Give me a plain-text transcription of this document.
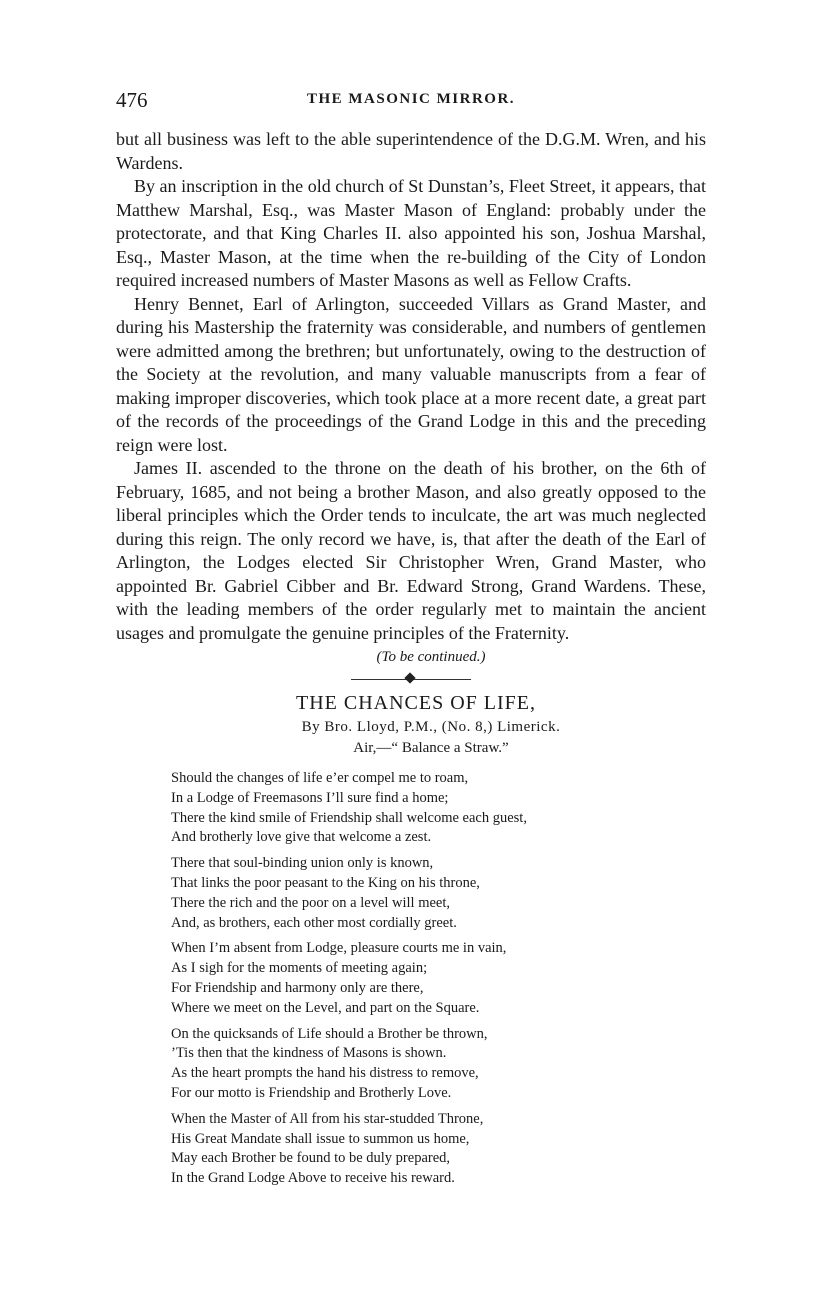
476	THE MASONIC MIRROR.

but all business was left to the able superintendence of the D.G.M. Wren, and his Wardens.

By an inscription in the old church of St Dunstan’s, Fleet Street, it appears, that Matthew Marshal, Esq., was Master Mason of England: probably under the protectorate, and that King Charles II. also appointed his son, Joshua Marshal, Esq., Master Mason, at the time when the re-building of the City of London required increased numbers of Master Masons as well as Fellow Crafts.

Henry Bennet, Earl of Arlington, succeeded Villars as Grand Master, and during his Mastership the fraternity was considerable, and numbers of gentlemen were admitted among the brethren; but unfortunately, owing to the destruction of the Society at the revolution, and many valuable manuscripts from a fear of making improper discoveries, which took place at a more recent date, a great part of the records of the proceedings of the Grand Lodge in this and the preceding reign were lost.

James II. ascended to the throne on the death of his brother, on the 6th of February, 1685, and not being a brother Mason, and also greatly opposed to the liberal principles which the Order tends to inculcate, the art was much neglected during this reign. The only record we have, is, that after the death of the Earl of Arlington, the Lodges elected Sir Christopher Wren, Grand Master, who appointed Br. Gabriel Cibber and Br. Edward Strong, Grand Wardens. These, with the leading members of the order regularly met to maintain the ancient usages and promulgate the genuine principles of the Fraternity.

(To be continued.)
THE CHANCES OF LIFE,
By Bro. Lloyd, P.M., (No. 8,) Limerick.
Air,—“ Balance a Straw.”
Should the changes of life e’er compel me to roam,
In a Lodge of Freemasons I’ll sure find a home;
There the kind smile of Friendship shall welcome each guest,
And brotherly love give that welcome a zest.
There that soul-binding union only is known,
That links the poor peasant to the King on his throne,
There the rich and the poor on a level will meet,
And, as brothers, each other most cordially greet.
When I’m absent from Lodge, pleasure courts me in vain,
As I sigh for the moments of meeting again;
For Friendship and harmony only are there,
Where we meet on the Level, and part on the Square.
On the quicksands of Life should a Brother be thrown,
’Tis then that the kindness of Masons is shown.
As the heart prompts the hand his distress to remove,
For our motto is Friendship and Brotherly Love.
When the Master of All from his star-studded Throne,
His Great Mandate shall issue to summon us home,
May each Brother be found to be duly prepared,
In the Grand Lodge Above to receive his reward.
